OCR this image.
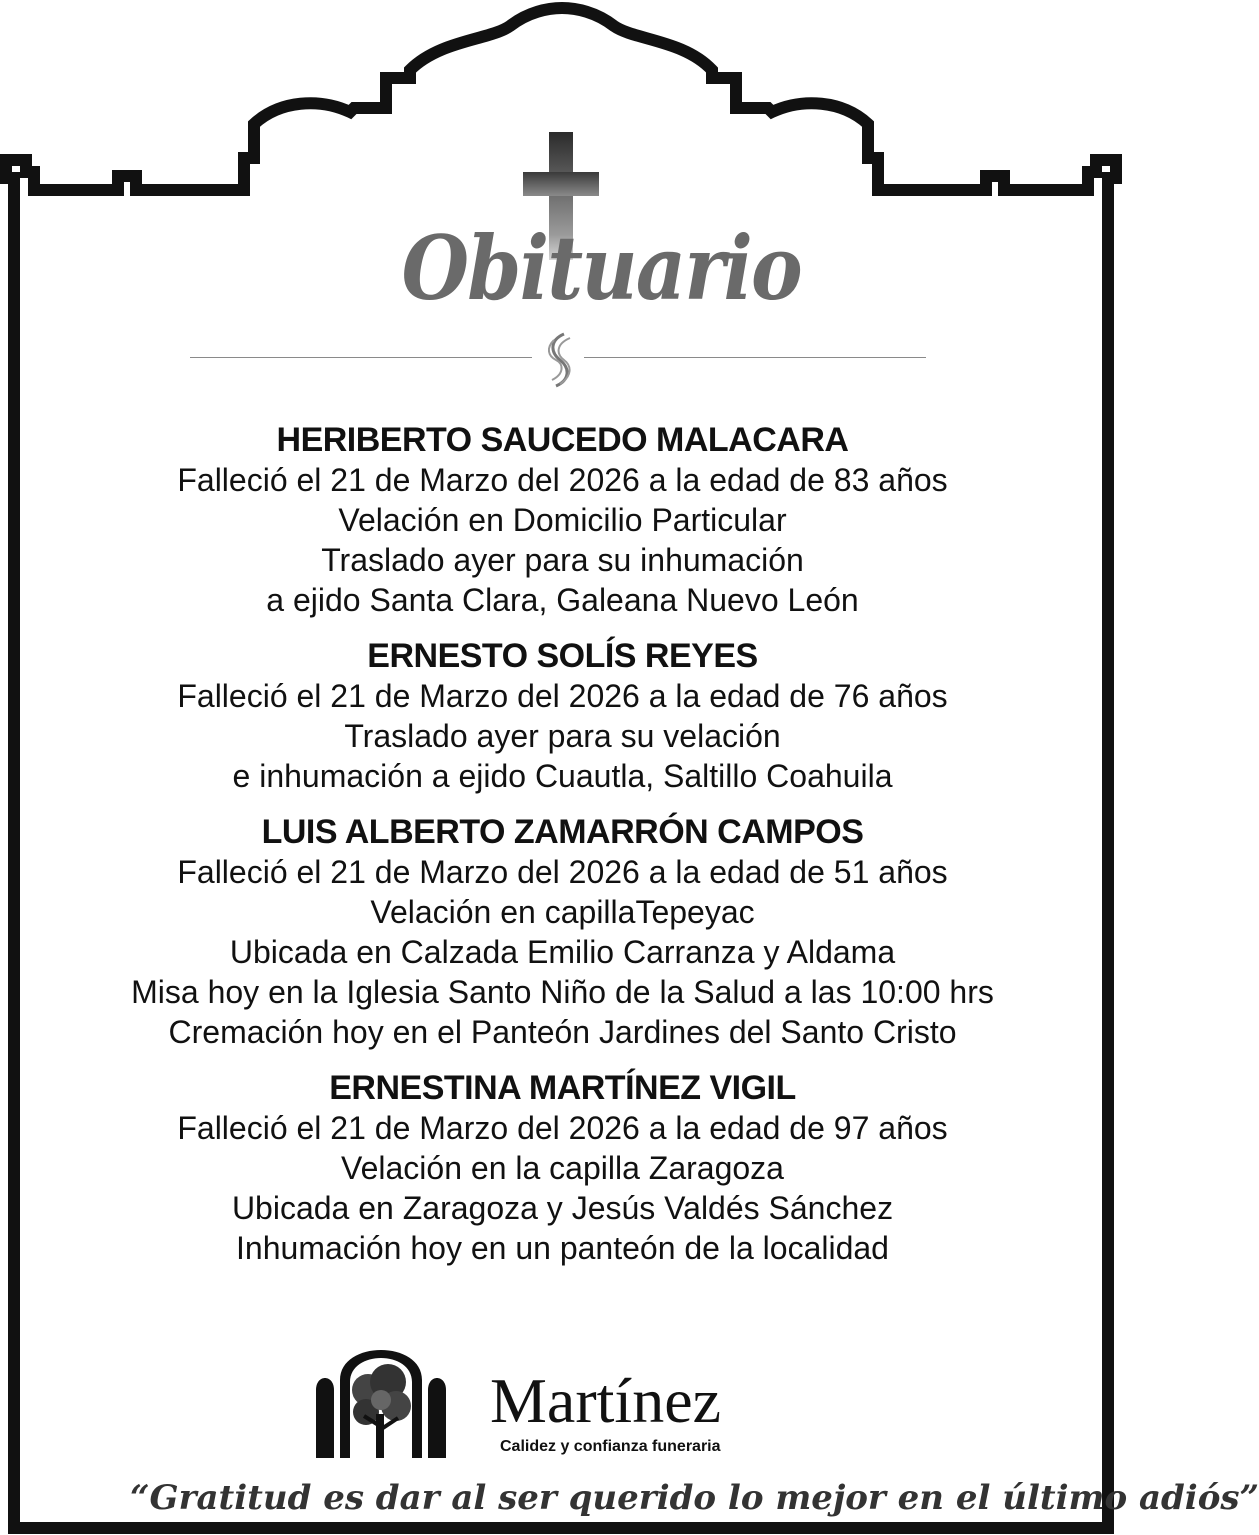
Obituario
HERIBERTO SAUCEDO MALACARA
Falleció el 21 de Marzo del 2026 a la edad de 83 años
Velación en Domicilio Particular
Traslado ayer para su inhumación
a ejido Santa Clara, Galeana Nuevo León
ERNESTO SOLÍS REYES
Falleció el 21 de Marzo del 2026 a la edad de 76 años
Traslado ayer para su velación
e inhumación a ejido Cuautla, Saltillo Coahuila
LUIS ALBERTO ZAMARRÓN CAMPOS
Falleció el 21 de Marzo del 2026 a la edad de 51 años
Velación en capillaTepeyac
Ubicada en Calzada Emilio Carranza y Aldama
Misa hoy en la Iglesia Santo Niño de la Salud a las 10:00 hrs
Cremación hoy en el Panteón Jardines del Santo Cristo
ERNESTINA MARTÍNEZ VIGIL
Falleció el 21 de Marzo del 2026 a la edad de 97 años
Velación en la capilla Zaragoza
Ubicada en Zaragoza y Jesús Valdés Sánchez
Inhumación hoy en un panteón de la localidad
Martínez
Calidez y confianza funeraria
“Gratitud es dar al ser querido lo mejor en el último adiós”
